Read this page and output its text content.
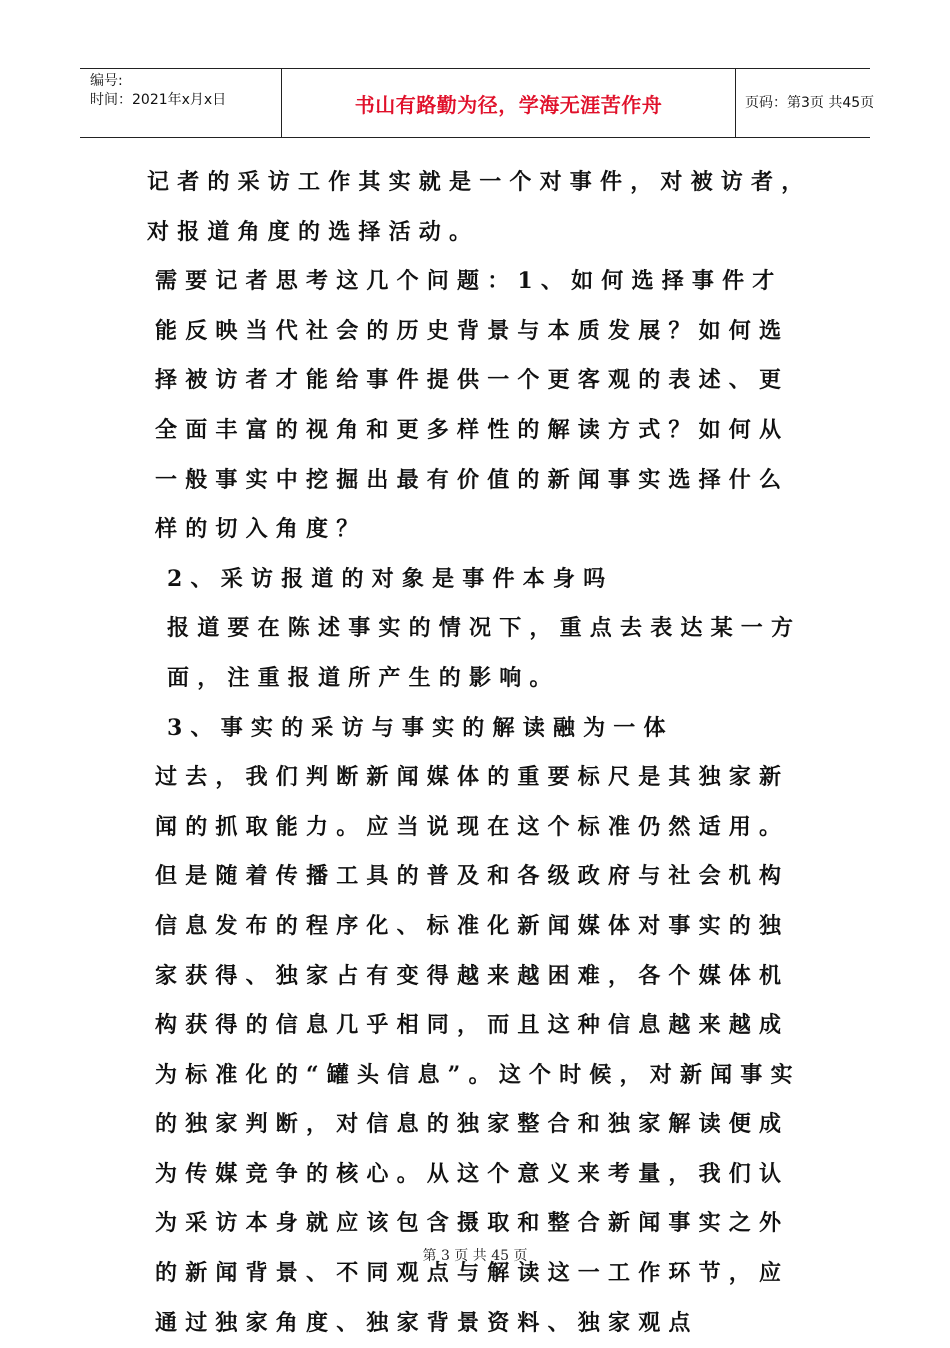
编号:
时间：2021年x月x日	书山有路勤为径，学海无涯苦作舟	页码：第3页 共45页

记者的采访工作其实就是一个对事件，对被访者，对报道角度的选择活动。

需要记者思考这几个问题：1、如何选择事件才能反映当代社会的历史背景与本质发展？如何选择被访者才能给事件提供一个更客观的表述、更全面丰富的视角和更多样性的解读方式？如何从一般事实中挖掘出最有价值的新闻事实选择什么样的切入角度？

2、采访报道的对象是事件本身吗

报道要在陈述事实的情况下，重点去表达某一方面，注重报道所产生的影响。

3、事实的采访与事实的解读融为一体

过去，我们判断新闻媒体的重要标尺是其独家新闻的抓取能力。应当说现在这个标准仍然适用。但是随着传播工具的普及和各级政府与社会机构信息发布的程序化、标准化新闻媒体对事实的独家获得、独家占有变得越来越困难，各个媒体机构获得的信息几乎相同，而且这种信息越来越成为标准化的“罐头信息”。这个时候，对新闻事实的独家判断，对信息的独家整合和独家解读便成为传媒竞争的核心。从这个意义来考量，我们认为采访本身就应该包含摄取和整合新闻事实之外的新闻背景、不同观点与解读这一工作环节，应通过独家角度、独家背景资料、独家观点

第 3 页 共 45 页
